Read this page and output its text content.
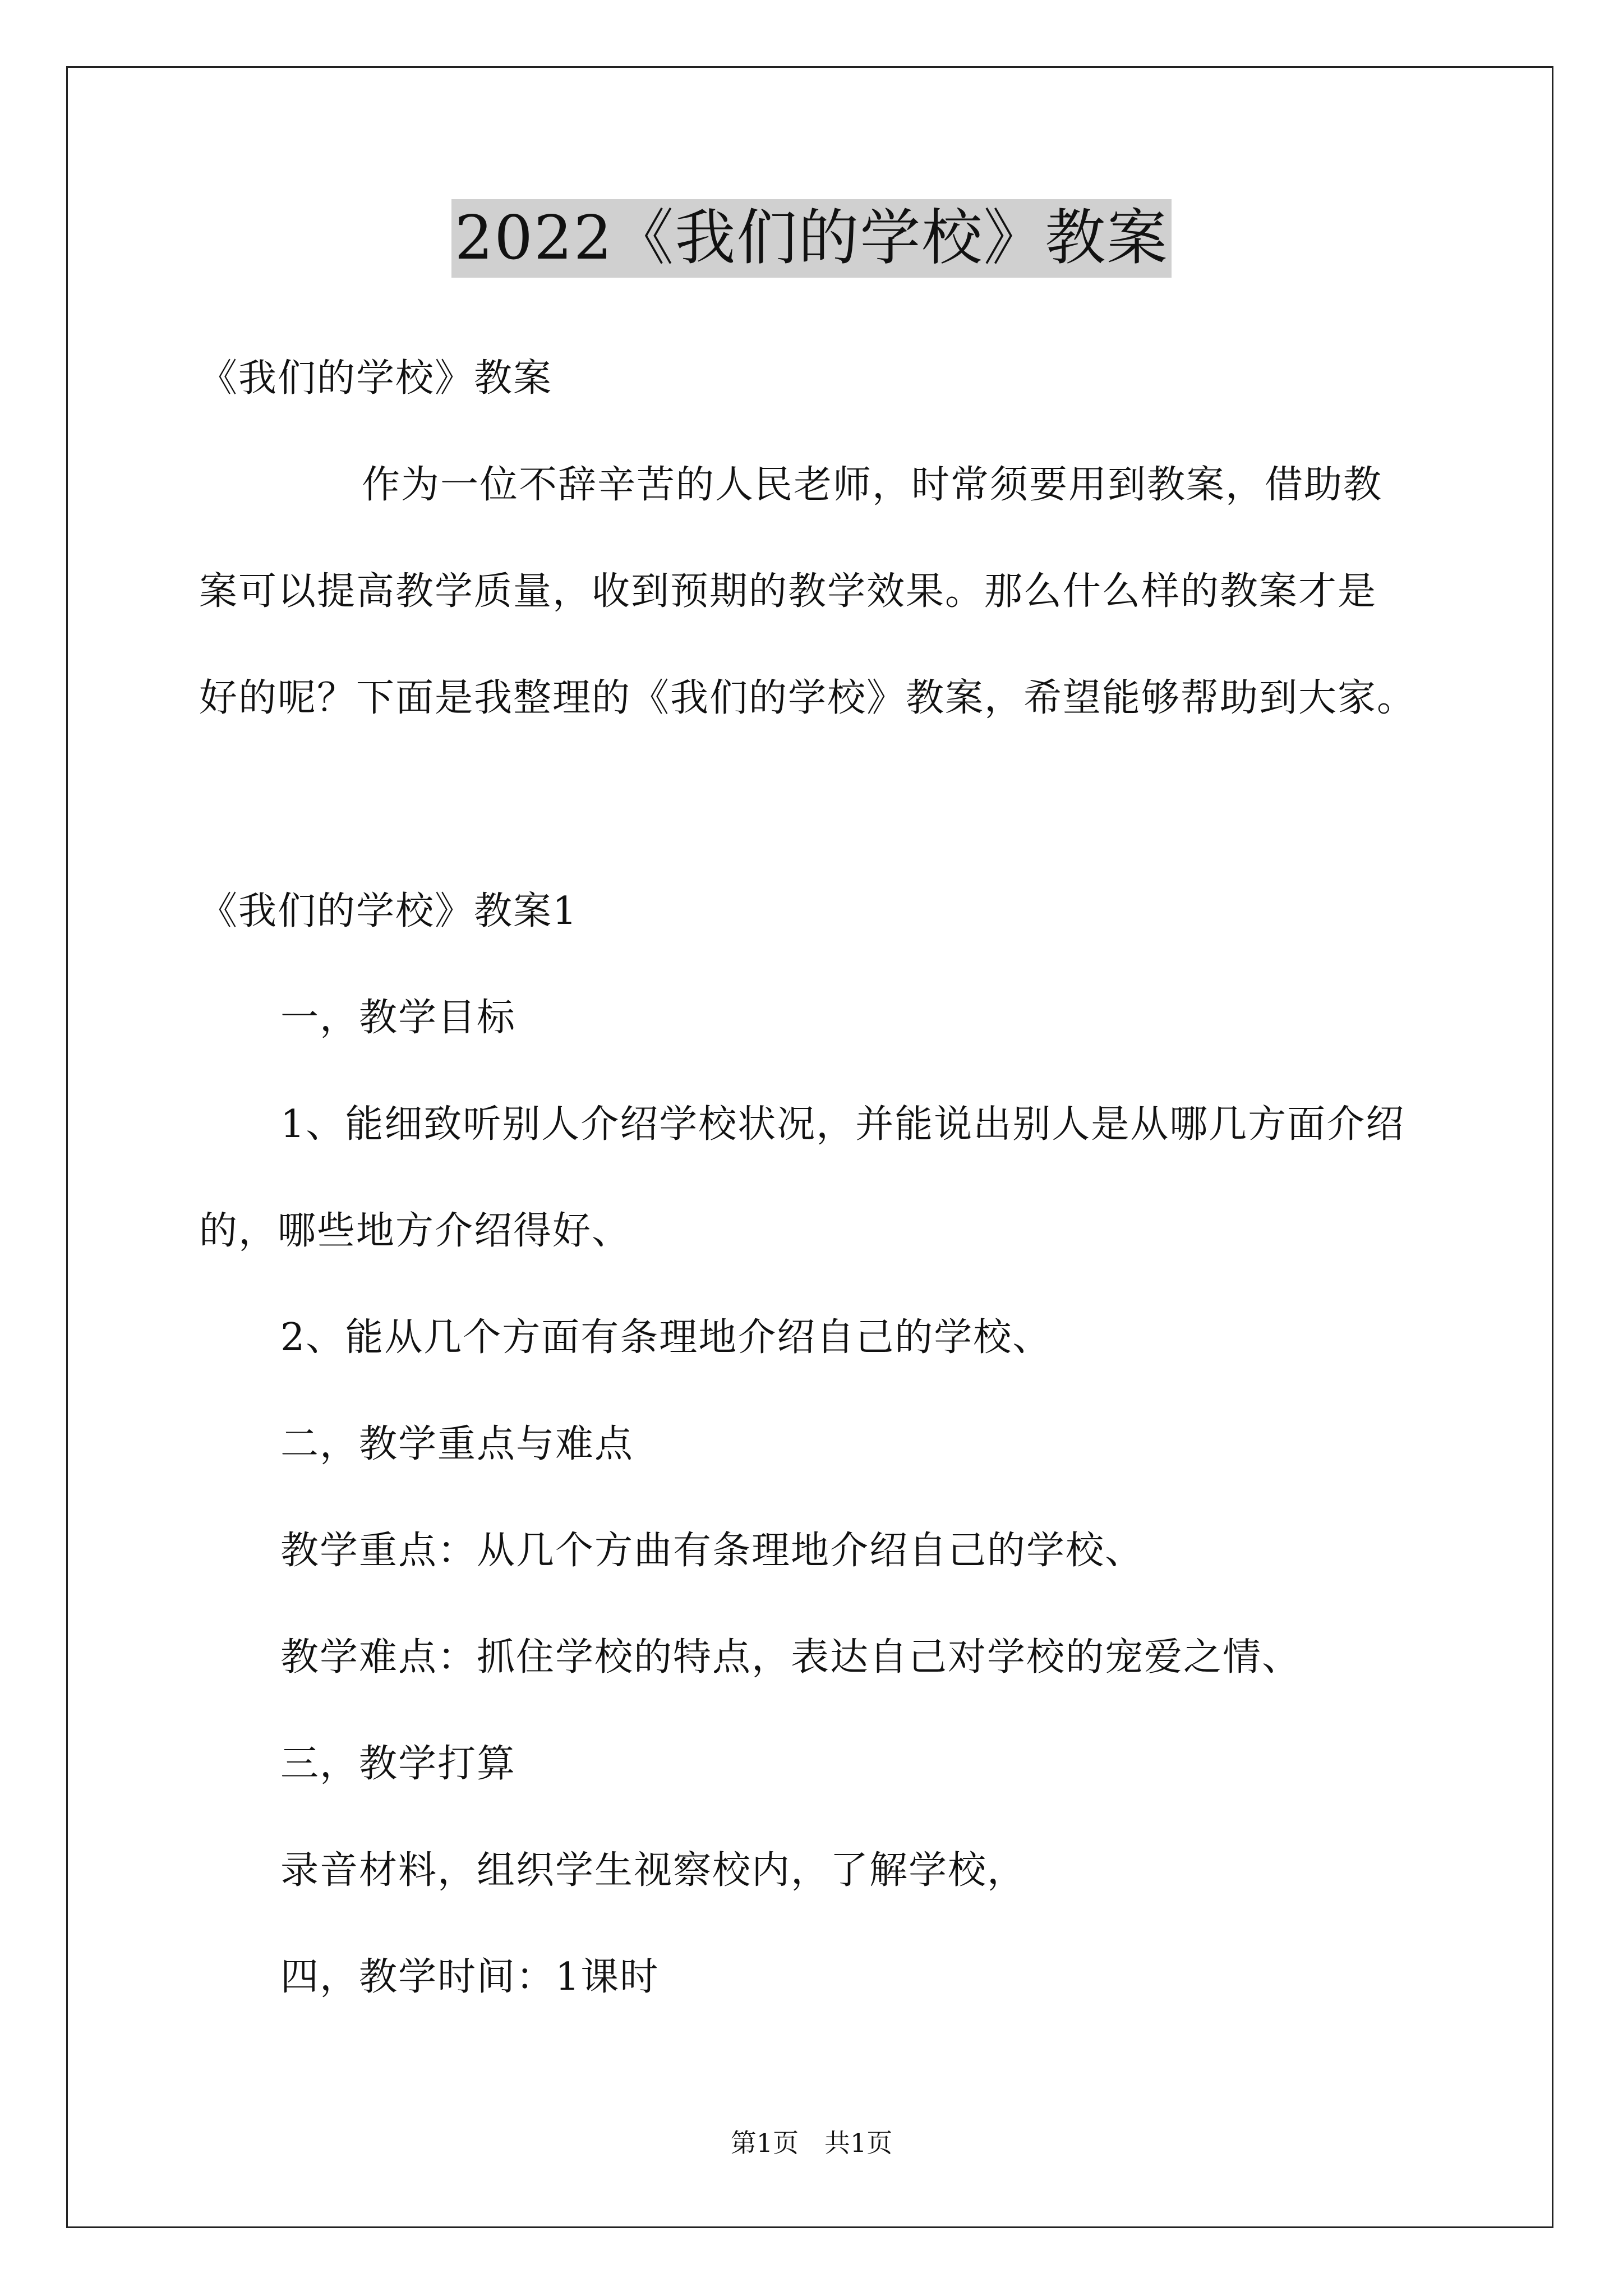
2022《我们的学校》教案
《我们的学校》教案
作为一位不辞辛苦的人民老师，时常须要用到教案，借助教
案可以提高教学质量，收到预期的教学效果。那么什么样的教案才是
好的呢？下面是我整理的《我们的学校》教案，希望能够帮助到大家。
《我们的学校》教案1
一，教学目标
1、能细致听别人介绍学校状况，并能说出别人是从哪几方面介绍
的，哪些地方介绍得好、
2、能从几个方面有条理地介绍自己的学校、
二，教学重点与难点
教学重点：从几个方曲有条理地介绍自己的学校、
教学难点：抓住学校的特点，表达自己对学校的宠爱之情、
三，教学打算
录音材料，组织学生视察校内，了解学校，
四，教学时间：1课时
第1页　共1页
